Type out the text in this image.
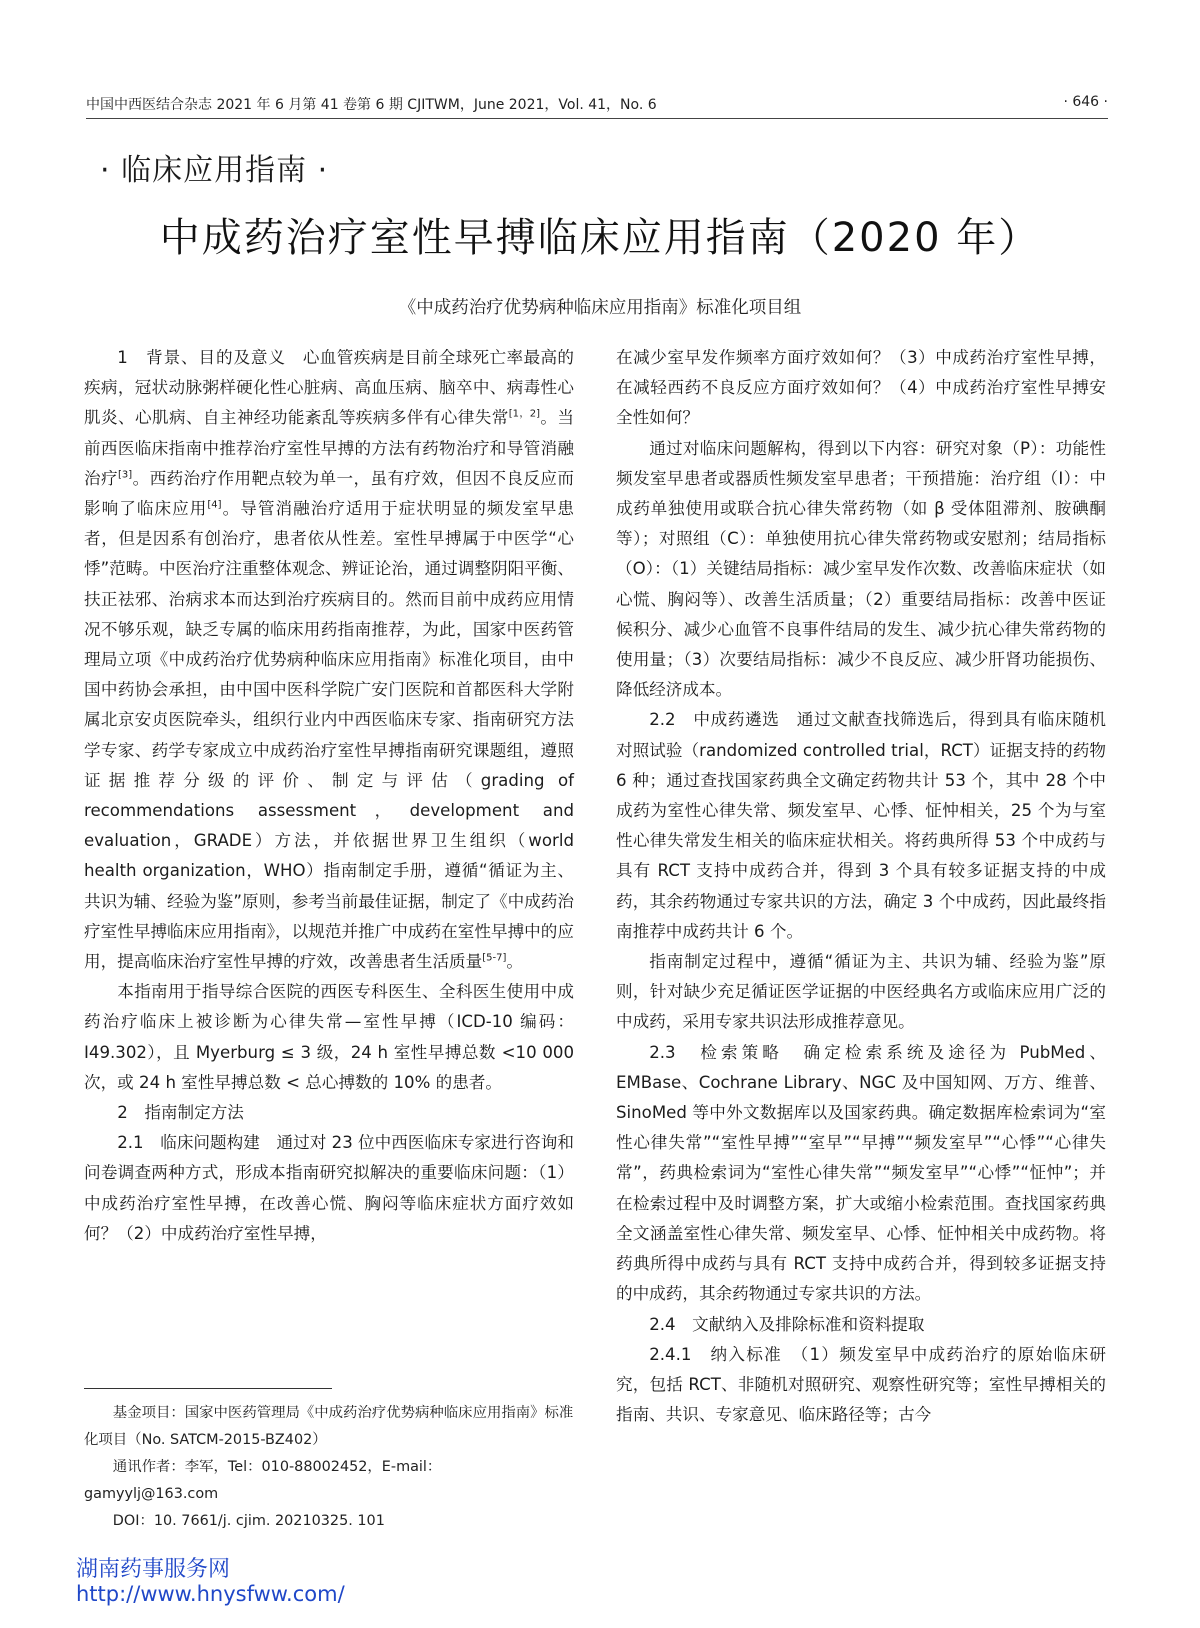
中国中西医结合杂志 2021 年 6 月第 41 卷第 6 期 CJITWM，June 2021，Vol. 41，No. 6	· 646 ·
· 临床应用指南 ·
中成药治疗室性早搏临床应用指南（2020 年）
《中成药治疗优势病种临床应用指南》标准化项目组

1　背景、目的及意义　心血管疾病是目前全球死亡率最高的疾病，冠状动脉粥样硬化性心脏病、高血压病、脑卒中、病毒性心肌炎、心肌病、自主神经功能紊乱等疾病多伴有心律失常[1，2]。当前西医临床指南中推荐治疗室性早搏的方法有药物治疗和导管消融治疗[3]。西药治疗作用靶点较为单一，虽有疗效，但因不良反应而影响了临床应用[4]。导管消融治疗适用于症状明显的频发室早患者，但是因系有创治疗，患者依从性差。室性早搏属于中医学“心悸”范畴。中医治疗注重整体观念、辨证论治，通过调整阴阳平衡、扶正祛邪、治病求本而达到治疗疾病目的。然而目前中成药应用情况不够乐观，缺乏专属的临床用药指南推荐，为此，国家中医药管理局立项《中成药治疗优势病种临床应用指南》标准化项目，由中国中药协会承担，由中国中医科学院广安门医院和首都医科大学附属北京安贞医院牵头，组织行业内中西医临床专家、指南研究方法学专家、药学专家成立中成药治疗室性早搏指南研究课题组，遵照证据推荐分级的评价、制定与评估（grading of recommendations assessment，development and evaluation，GRADE）方法，并依据世界卫生组织（world health organization，WHO）指南制定手册，遵循“循证为主、共识为辅、经验为鉴”原则，参考当前最佳证据，制定了《中成药治疗室性早搏临床应用指南》，以规范并推广中成药在室性早搏中的应用，提高临床治疗室性早搏的疗效，改善患者生活质量[5-7]。

本指南用于指导综合医院的西医专科医生、全科医生使用中成药治疗临床上被诊断为心律失常—室性早搏（ICD-10 编码：I49.302），且 Myerburg ≤ 3 级，24 h 室性早搏总数 <10 000 次，或 24 h 室性早搏总数 < 总心搏数的 10% 的患者。

2　指南制定方法

2.1　临床问题构建　通过对 23 位中西医临床专家进行咨询和问卷调查两种方式，形成本指南研究拟解决的重要临床问题：（1）中成药治疗室性早搏，在改善心慌、胸闷等临床症状方面疗效如何？（2）中成药治疗室性早搏，

在减少室早发作频率方面疗效如何？（3）中成药治疗室性早搏，在减轻西药不良反应方面疗效如何？（4）中成药治疗室性早搏安全性如何？

通过对临床问题解构，得到以下内容：研究对象（P）：功能性频发室早患者或器质性频发室早患者；干预措施：治疗组（I）：中成药单独使用或联合抗心律失常药物（如 β 受体阻滞剂、胺碘酮等）；对照组（C）：单独使用抗心律失常药物或安慰剂；结局指标（O）：（1）关键结局指标：减少室早发作次数、改善临床症状（如心慌、胸闷等）、改善生活质量；（2）重要结局指标：改善中医证候积分、减少心血管不良事件结局的发生、减少抗心律失常药物的使用量；（3）次要结局指标：减少不良反应、减少肝肾功能损伤、降低经济成本。

2.2　中成药遴选　通过文献查找筛选后，得到具有临床随机对照试验（randomized controlled trial，RCT）证据支持的药物 6 种；通过查找国家药典全文确定药物共计 53 个，其中 28 个中成药为室性心律失常、频发室早、心悸、怔忡相关，25 个为与室性心律失常发生相关的临床症状相关。将药典所得 53 个中成药与具有 RCT 支持中成药合并，得到 3 个具有较多证据支持的中成药，其余药物通过专家共识的方法，确定 3 个中成药，因此最终指南推荐中成药共计 6 个。

指南制定过程中，遵循“循证为主、共识为辅、经验为鉴”原则，针对缺少充足循证医学证据的中医经典名方或临床应用广泛的中成药，采用专家共识法形成推荐意见。

2.3　检索策略　确定检索系统及途径为 PubMed、EMBase、Cochrane Library、NGC 及中国知网、万方、维普、SinoMed 等中外文数据库以及国家药典。确定数据库检索词为“室性心律失常”“室性早搏”“室早”“早搏”“频发室早”“心悸”“心律失常”，药典检索词为“室性心律失常”“频发室早”“心悸”“怔忡”；并在检索过程中及时调整方案，扩大或缩小检索范围。查找国家药典全文涵盖室性心律失常、频发室早、心悸、怔忡相关中成药物。将药典所得中成药与具有 RCT 支持中成药合并，得到较多证据支持的中成药，其余药物通过专家共识的方法。

2.4　文献纳入及排除标准和资料提取

2.4.1　纳入标准　（1）频发室早中成药治疗的原始临床研究，包括 RCT、非随机对照研究、观察性研究等；室性早搏相关的指南、共识、专家意见、临床路径等；古今

基金项目：国家中医药管理局《中成药治疗优势病种临床应用指南》标准化项目（No. SATCM-2015-BZ402）

通讯作者：李军，Tel：010-88002452，E-mail：gamyylj@163.com

DOI：10. 7661/j. cjim. 20210325. 101

湖南药事服务网
http://www.hnysfww.com/
